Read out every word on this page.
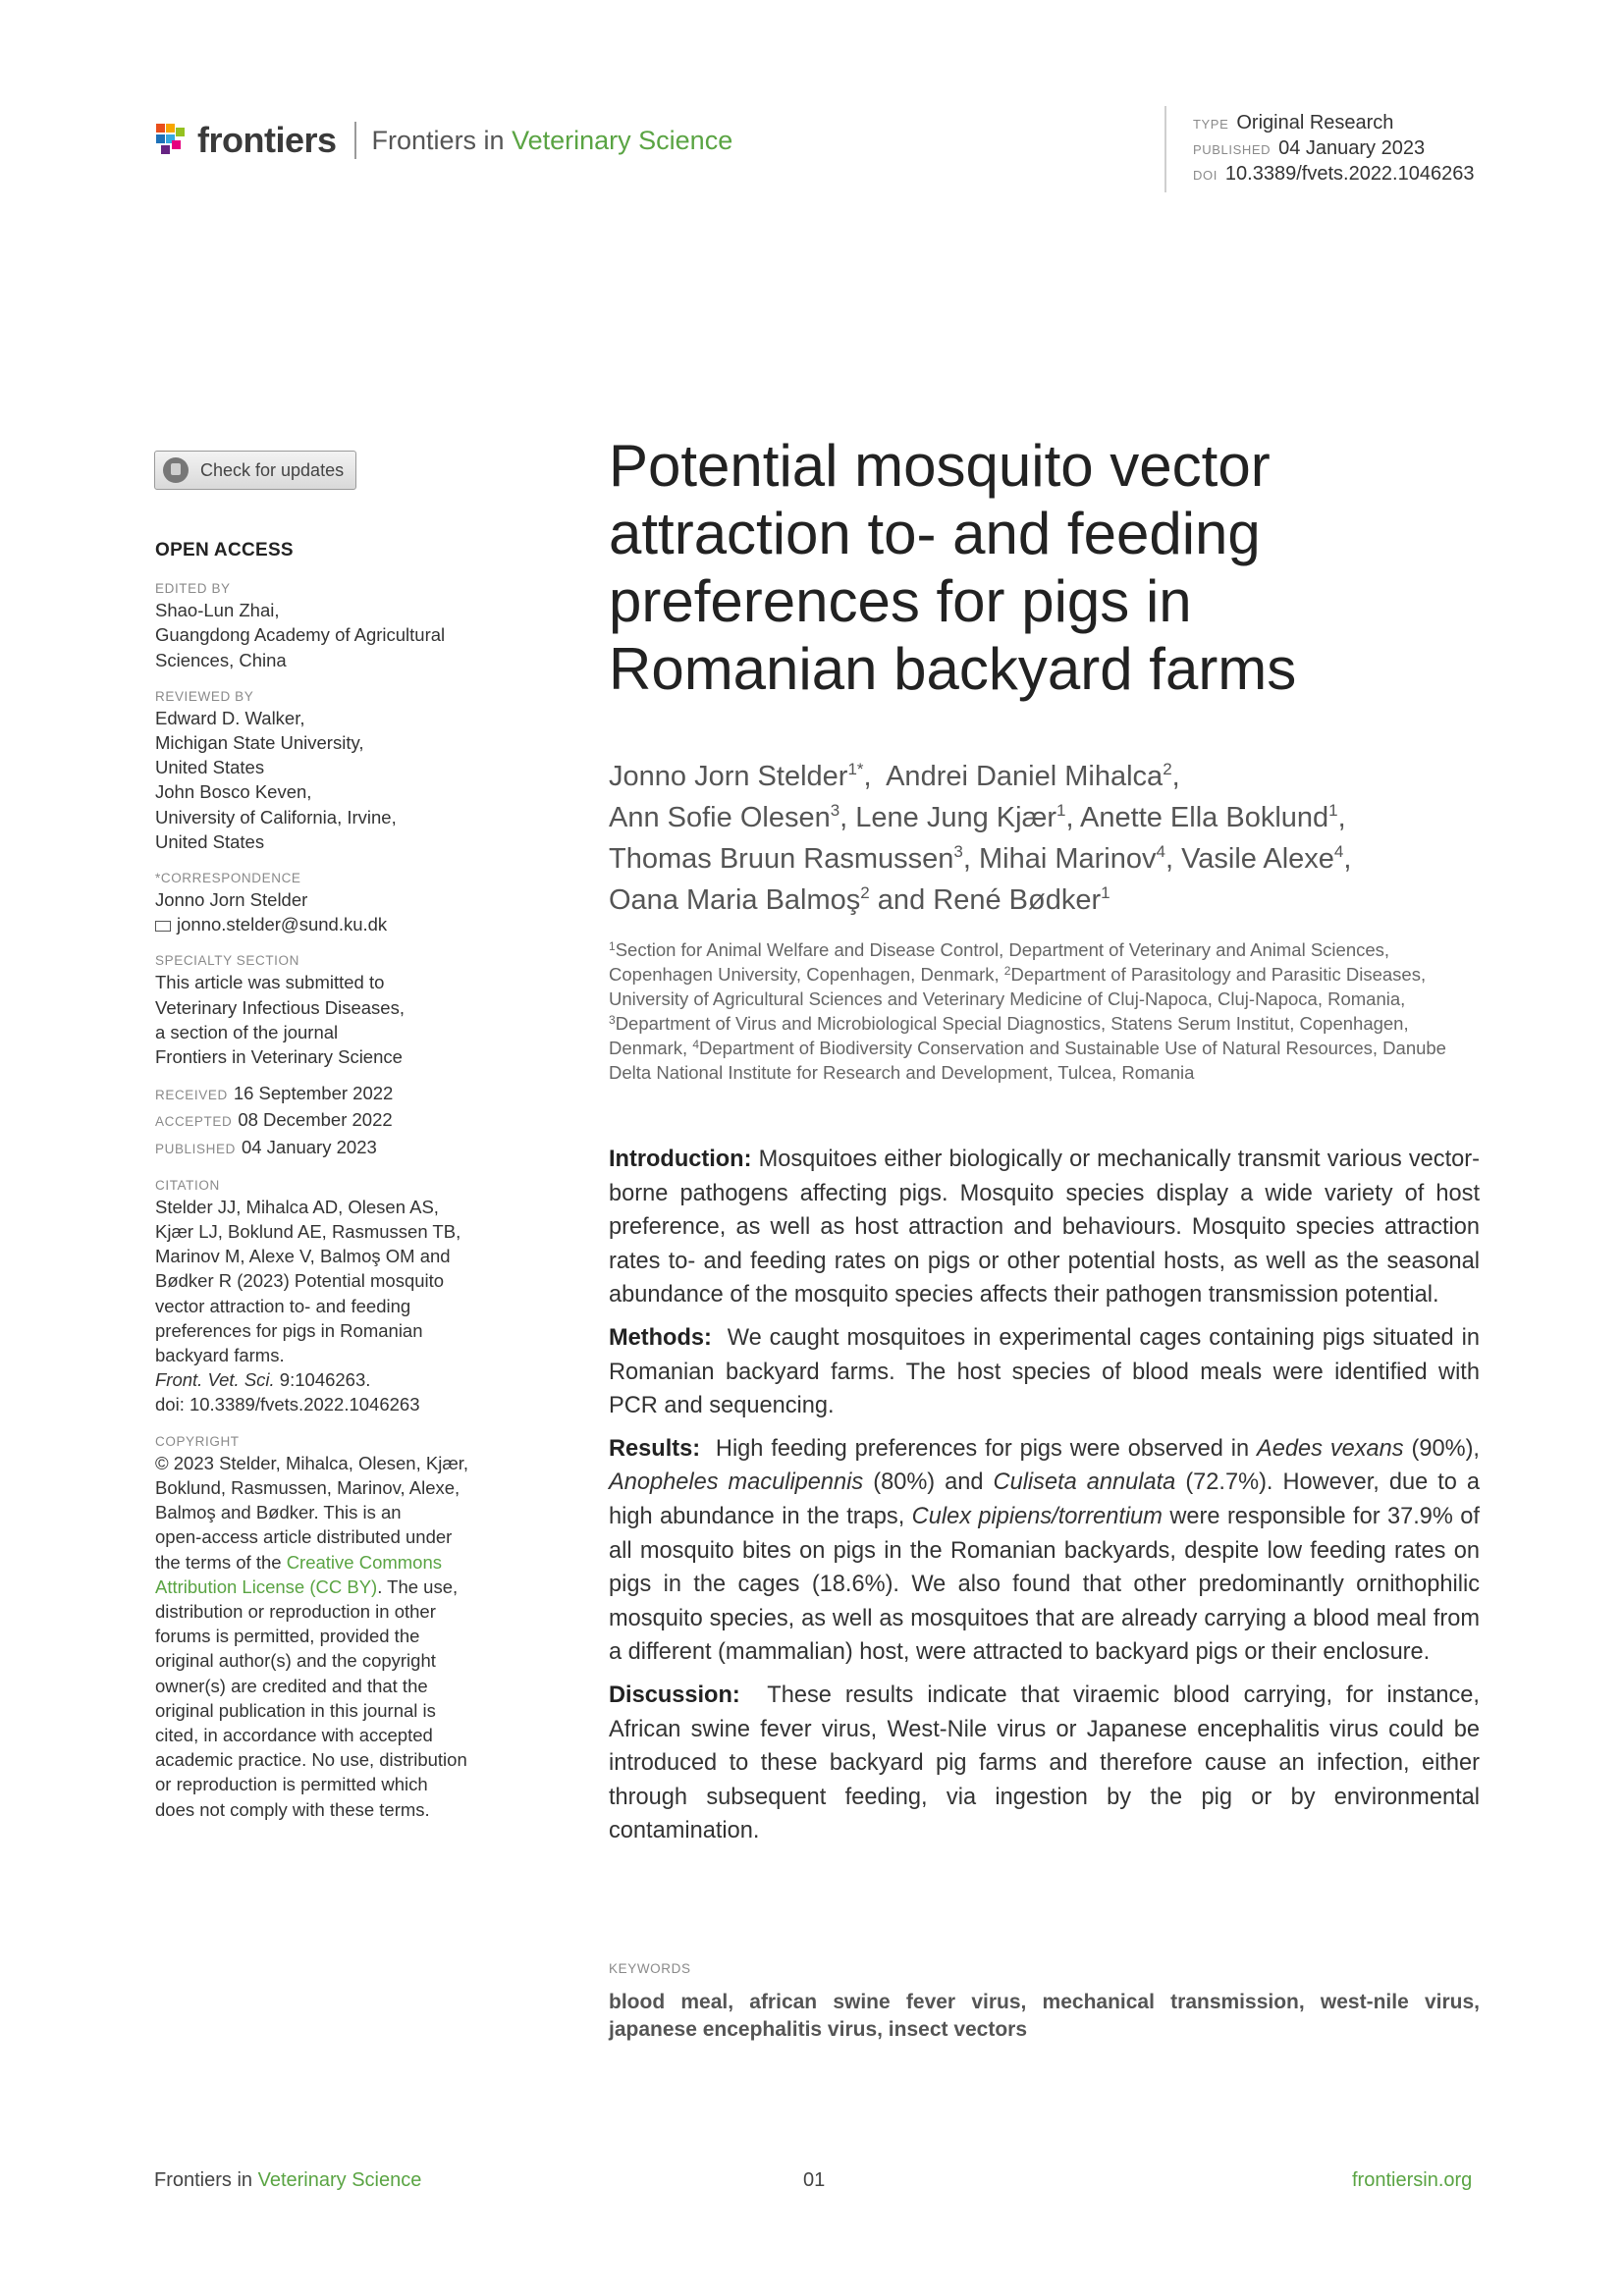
frontiers Frontiers in Veterinary Science
TYPE Original Research
PUBLISHED 04 January 2023
DOI 10.3389/fvets.2022.1046263
Check for updates
OPEN ACCESS
EDITED BY
Shao-Lun Zhai,
Guangdong Academy of Agricultural
Sciences, China
REVIEWED BY
Edward D. Walker,
Michigan State University,
United States
John Bosco Keven,
University of California, Irvine,
United States
*CORRESPONDENCE
Jonno Jorn Stelder
jonno.stelder@sund.ku.dk
SPECIALTY SECTION
This article was submitted to
Veterinary Infectious Diseases,
a section of the journal
Frontiers in Veterinary Science
RECEIVED 16 September 2022
ACCEPTED 08 December 2022
PUBLISHED 04 January 2023
CITATION
Stelder JJ, Mihalca AD, Olesen AS,
Kjær LJ, Boklund AE, Rasmussen TB,
Marinov M, Alexe V, Balmoş OM and
Bødker R (2023) Potential mosquito
vector attraction to- and feeding
preferences for pigs in Romanian
backyard farms.
Front. Vet. Sci. 9:1046263.
doi: 10.3389/fvets.2022.1046263
COPYRIGHT
© 2023 Stelder, Mihalca, Olesen, Kjær,
Boklund, Rasmussen, Marinov, Alexe,
Balmoş and Bødker. This is an
open-access article distributed under
the terms of the Creative Commons
Attribution License (CC BY). The use,
distribution or reproduction in other
forums is permitted, provided the
original author(s) and the copyright
owner(s) are credited and that the
original publication in this journal is
cited, in accordance with accepted
academic practice. No use, distribution
or reproduction is permitted which
does not comply with these terms.
Potential mosquito vector attraction to- and feeding preferences for pigs in Romanian backyard farms
Jonno Jorn Stelder$^{1*}$,  Andrei Daniel Mihalca$^2$,
Ann Sofie Olesen$^3$, Lene Jung Kjær$^1$, Anette Ella Boklund$^1$,
Thomas Bruun Rasmussen$^3$, Mihai Marinov$^4$, Vasile Alexe$^4$,
Oana Maria Balmoş$^2$ and René Bødker$^1$
$^1$Section for Animal Welfare and Disease Control, Department of Veterinary and Animal Sciences, Copenhagen University, Copenhagen, Denmark, $^2$Department of Parasitology and Parasitic Diseases, University of Agricultural Sciences and Veterinary Medicine of Cluj-Napoca, Cluj-Napoca, Romania, $^3$Department of Virus and Microbiological Special Diagnostics, Statens Serum Institut, Copenhagen, Denmark, $^4$Department of Biodiversity Conservation and Sustainable Use of Natural Resources, Danube Delta National Institute for Research and Development, Tulcea, Romania

Introduction: Mosquitoes either biologically or mechanically transmit various vector-borne pathogens affecting pigs. Mosquito species display a wide variety of host preference, as well as host attraction and behaviours. Mosquito species attraction rates to- and feeding rates on pigs or other potential hosts, as well as the seasonal abundance of the mosquito species affects their pathogen transmission potential.

Methods: We caught mosquitoes in experimental cages containing pigs situated in Romanian backyard farms. The host species of blood meals were identified with PCR and sequencing.

Results: High feeding preferences for pigs were observed in Aedes vexans (90%), Anopheles maculipennis (80%) and Culiseta annulata (72.7%). However, due to a high abundance in the traps, Culex pipiens/torrentium were responsible for 37.9% of all mosquito bites on pigs in the Romanian backyards, despite low feeding rates on pigs in the cages (18.6%). We also found that other predominantly ornithophilic mosquito species, as well as mosquitoes that are already carrying a blood meal from a different (mammalian) host, were attracted to backyard pigs or their enclosure.

Discussion: These results indicate that viraemic blood carrying, for instance, African swine fever virus, West-Nile virus or Japanese encephalitis virus could be introduced to these backyard pig farms and therefore cause an infection, either through subsequent feeding, via ingestion by the pig or by environmental contamination.

KEYWORDS
blood meal, african swine fever virus, mechanical transmission, west-nile virus, japanese encephalitis virus, insect vectors
Frontiers in Veterinary Science	01	frontiersin.org
